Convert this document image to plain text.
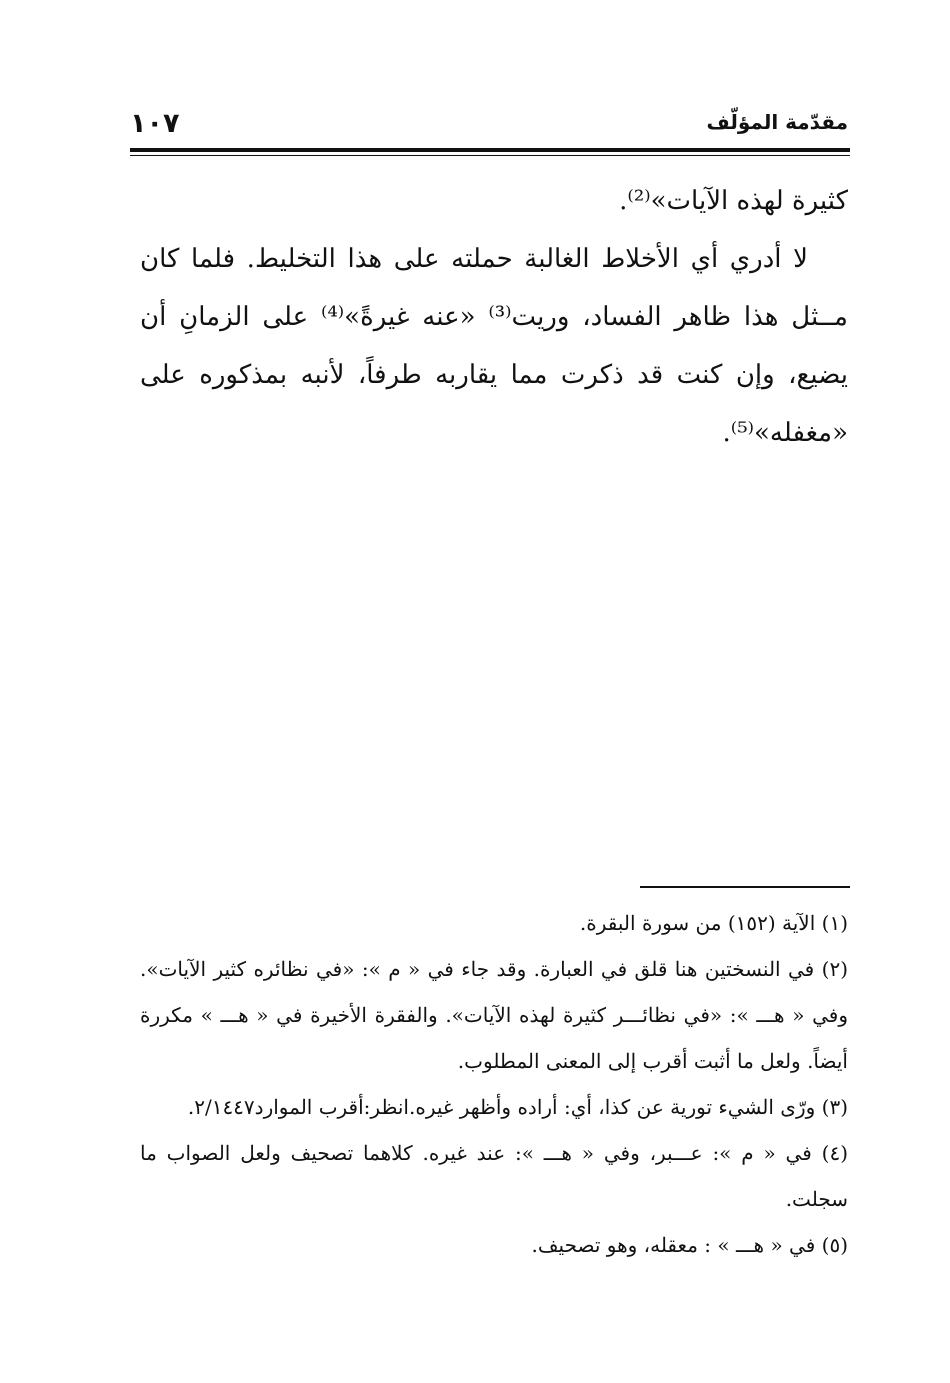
١٠٧	مقدّمة المؤلّف

كثيرة لهذه الآيات»⁽²⁾.

لا أدري أي الأخلاط الغالبة حملته على هذا التخليط. فلما كان مــثل هذا ظاهر الفساد، وريت⁽³⁾ «عنه غيرةً»⁽⁴⁾ على الزمانِ أن يضيع، وإن كنت قد ذكرت مما يقاربه طرفاً، لأنبه بمذكوره على «مغفله»⁽⁵⁾.

(١) الآية (١٥٢) من سورة البقرة.

(٢) في النسختين هنا قلق في العبارة. وقد جاء في « م »: «في نظائره كثير الآيات». وفي « هـــ »: «في نظائـــر كثيرة لهذه الآيات». والفقرة الأخيرة في « هـــ » مكررة أيضاً. ولعل ما أثبت أقرب إلى المعنى المطلوب.

(٣) ورّى الشيء تورية عن كذا، أي: أراده وأظهر غيره.انظر:أقرب الموارد٢/١٤٤٧.

(٤) في « م »: عـــبر، وفي « هـــ »: عند غيره. كلاهما تصحيف ولعل الصواب ما سجلت.

(٥) في « هـــ » : معقله، وهو تصحيف.
